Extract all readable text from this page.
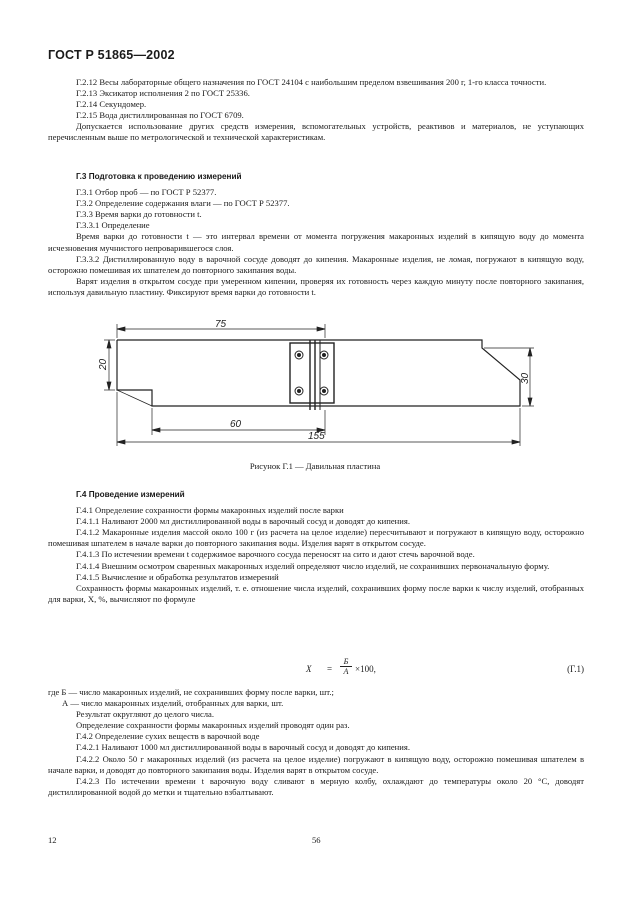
ГОСТ Р 51865—2002

Г.2.12 Весы лабораторные общего назначения по ГОСТ 24104 с наибольшим пределом взвешивания 200 г, 1-го класса точности.

Г.2.13 Эксикатор исполнения 2 по ГОСТ 25336.

Г.2.14 Секундомер.

Г.2.15 Вода дистиллированная по ГОСТ 6709.

Допускается использование других средств измерения, вспомогательных устройств, реактивов и материалов, не уступающих перечисленным выше по метрологической и технической характеристикам.

Г.3 Подготовка к проведению измерений

Г.3.1 Отбор проб — по ГОСТ Р 52377.

Г.3.2 Определение содержания влаги — по ГОСТ Р 52377.

Г.3.3 Время варки до готовности t.

Г.3.3.1 Определение

Время варки до готовности t — это интервал времени от момента погружения макаронных изделий в кипящую воду до момента исчезновения мучнистого непроварившегося слоя.

Г.3.3.2 Дистиллированную воду в варочной сосуде доводят до кипения. Макаронные изделия, не ломая, погружают в кипящую воду, осторожно помешивая их шпателем до повторного закипания воды.

Варят изделия в открытом сосуде при умеренном кипении, проверяя их готовность через каждую минуту после повторного закипания, используя давильную пластину. Фиксируют время варки до готовности t.

75
20
30
60
155
Рисунок Г.1 — Давильная пластина

Г.4 Проведение измерений

Г.4.1 Определение сохранности формы макаронных изделий после варки

Г.4.1.1 Наливают 2000 мл дистиллированной воды в варочный сосуд и доводят до кипения.

Г.4.1.2 Макаронные изделия массой около 100 г (из расчета на целое изделие) пересчитывают и погружают в кипящую воду, осторожно помешивая шпателем в начале варки до повторного закипания воды. Изделия варят в открытом сосуде.

Г.4.1.3 По истечении времени t содержимое варочного сосуда переносят на сито и дают стечь варочной воде.

Г.4.1.4 Внешним осмотром сваренных макаронных изделий определяют число изделий, не сохранивших первоначальную форму.

Г.4.1.5 Вычисление и обработка результатов измерений

Сохранность формы макаронных изделий, т. е. отношение числа изделий, сохранивших форму после варки к числу изделий, отобранных для варки, X, %, вычисляют по формуле

X =
Б
А ×100,	(Г.1)

где Б — число макаронных изделий, не сохранивших форму после варки, шт.;

А — число макаронных изделий, отобранных для варки, шт.

Результат округляют до целого числа.

Определение сохранности формы макаронных изделий проводят один раз.

Г.4.2 Определение сухих веществ в варочной воде

Г.4.2.1 Наливают 1000 мл дистиллированной воды в варочный сосуд и доводят до кипения.

Г.4.2.2 Около 50 г макаронных изделий (из расчета на целое изделие) погружают в кипящую воду, осторожно помешивая шпателем в начале варки, и доводят до повторного закипания воды. Изделия варят в открытом сосуде.

Г.4.2.3 По истечении времени t варочную воду сливают в мерную колбу, охлаждают до температуры около 20 °С, доводят дистиллированной водой до метки и тщательно взбалтывают.

12	56
